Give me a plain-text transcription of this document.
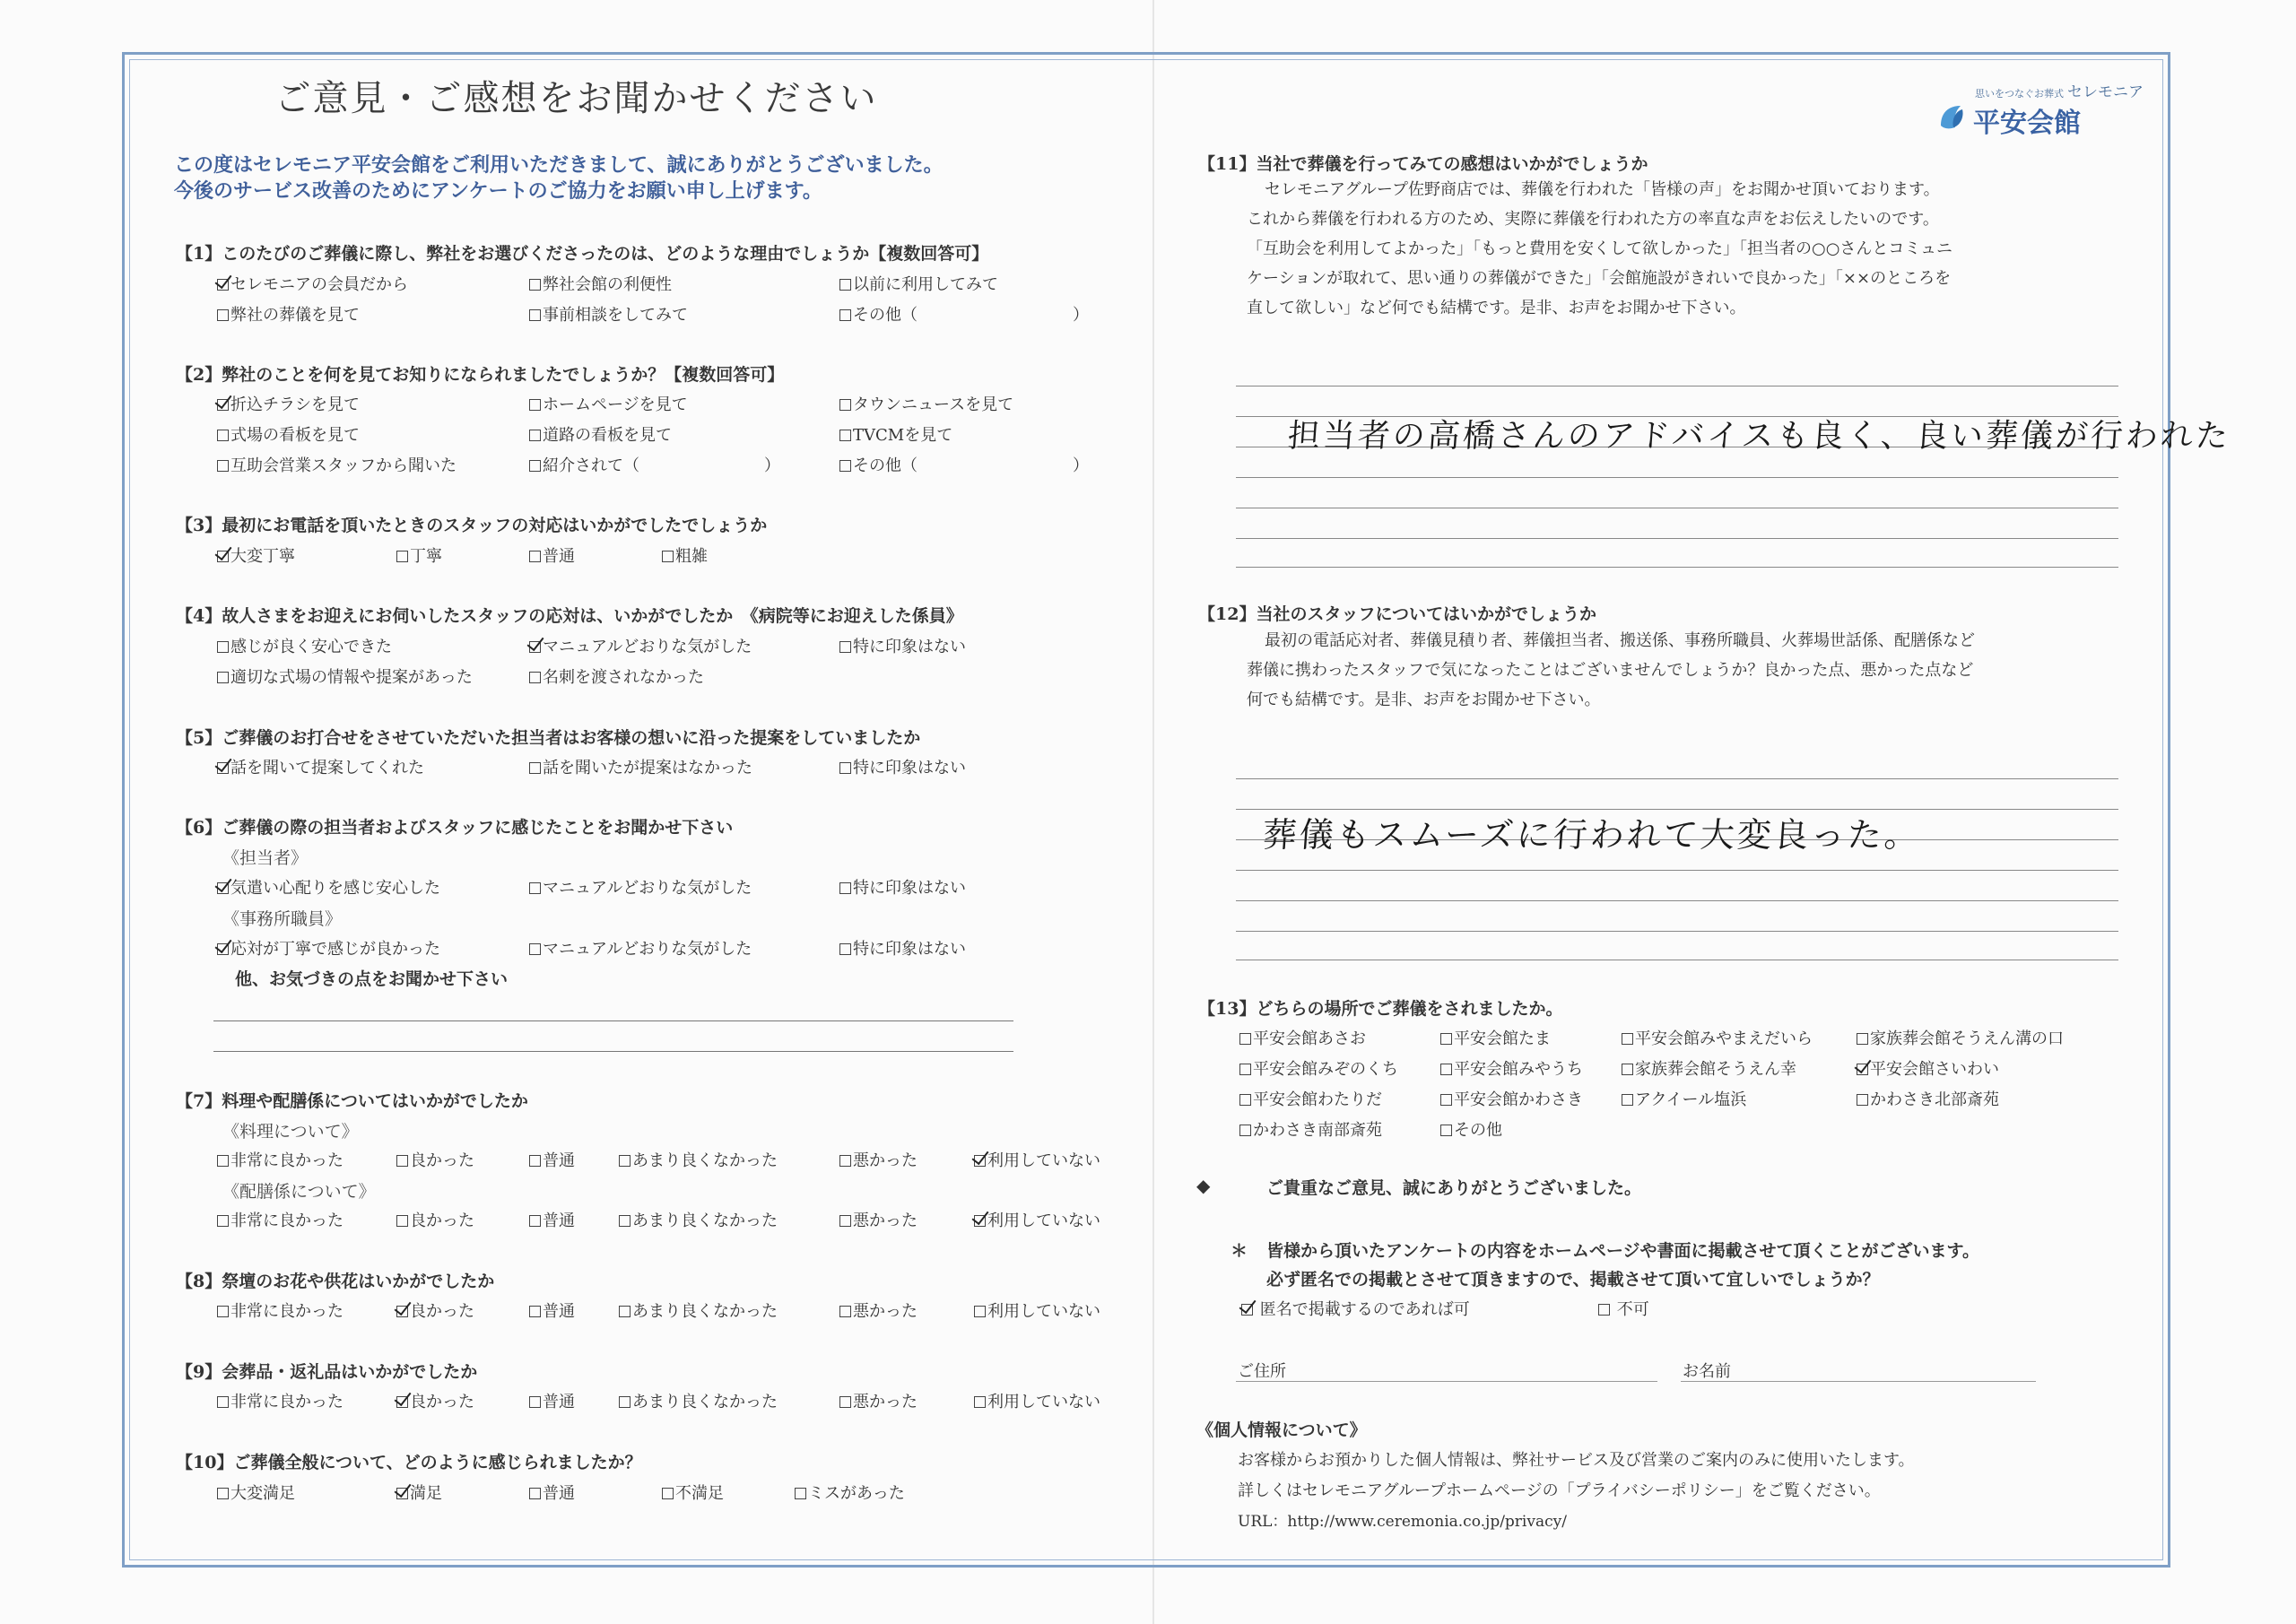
ご意見・ご感想をお聞かせください
この度はセレモニア平安会館をご利用いただきまして、誠にありがとうございました。
今後のサービス改善のためにアンケートのご協力をお願い申し上げます。
【1】このたびのご葬儀に際し、弊社をお選びくださったのは、どのような理由でしょうか【複数回答可】
セレモニアの会員だから	弊社会館の利便性	以前に利用してみて
弊社の葬儀を見て	事前相談をしてみて	その他（	）
【2】弊社のことを何を見てお知りになられましたでしょうか？【複数回答可】
折込チラシを見て	ホームページを見て	タウンニュースを見て
式場の看板を見て	道路の看板を見て	TVCMを見て
互助会営業スタッフから聞いた	紹介されて（	）	その他（	）
【3】最初にお電話を頂いたときのスタッフの対応はいかがでしたでしょうか
大変丁寧	丁寧	普通	粗雑
【4】故人さまをお迎えにお伺いしたスタッフの応対は、いかがでしたか　《病院等にお迎えした係員》
感じが良く安心できた	マニュアルどおりな気がした	特に印象はない
適切な式場の情報や提案があった	名刺を渡されなかった
【5】ご葬儀のお打合せをさせていただいた担当者はお客様の想いに沿った提案をしていましたか
話を聞いて提案してくれた	話を聞いたが提案はなかった	特に印象はない
【6】ご葬儀の際の担当者およびスタッフに感じたことをお聞かせ下さい
《担当者》
気遣い心配りを感じ安心した	マニュアルどおりな気がした	特に印象はない
《事務所職員》
応対が丁寧で感じが良かった	マニュアルどおりな気がした	特に印象はない
他、お気づきの点をお聞かせ下さい
【7】料理や配膳係についてはいかがでしたか
《料理について》
非常に良かった	良かった	普通	あまり良くなかった	悪かった	利用していない
《配膳係について》
非常に良かった	良かった	普通	あまり良くなかった	悪かった	利用していない
【8】祭壇のお花や供花はいかがでしたか
非常に良かった	良かった	普通	あまり良くなかった	悪かった	利用していない
【9】会葬品・返礼品はいかがでしたか
非常に良かった	良かった	普通	あまり良くなかった	悪かった	利用していない
【10】ご葬儀全般について、どのように感じられましたか？
大変満足	満足	普通	不満足	ミスがあった
思いをつなぐお葬式 セレモニア
平安会館
【11】当社で葬儀を行ってみての感想はいかがでしょうか
セレモニアグループ佐野商店では、葬儀を行われた「皆様の声」をお聞かせ頂いております。
これから葬儀を行われる方のため、実際に葬儀を行われた方の率直な声をお伝えしたいのです。
「互助会を利用してよかった」「もっと費用を安くして欲しかった」「担当者の○○さんとコミュニ
ケーションが取れて、思い通りの葬儀ができた」「会館施設がきれいで良かった」「××のところを
直して欲しい」など何でも結構です。是非、お声をお聞かせ下さい。
担当者の高橋さんのアドバイスも良く、良い葬儀が行われた
【12】当社のスタッフについてはいかがでしょうか
最初の電話応対者、葬儀見積り者、葬儀担当者、搬送係、事務所職員、火葬場世話係、配膳係など
葬儀に携わったスタッフで気になったことはございませんでしょうか？良かった点、悪かった点など
何でも結構です。是非、お声をお聞かせ下さい。
葬儀もスムーズに行われて大変良った。
【13】どちらの場所でご葬儀をされましたか。
平安会館あさお	平安会館たま	平安会館みやまえだいら	家族葬会館そうえん溝の口
平安会館みぞのくち	平安会館みやうち	家族葬会館そうえん幸	平安会館さいわい
平安会館わたりだ	平安会館かわさき	アクイール塩浜	かわさき北部斎苑
かわさき南部斎苑	その他
◆	ご貴重なご意見、誠にありがとうございました。
＊ 皆様から頂いたアンケートの内容をホームページや書面に掲載させて頂くことがございます。
必ず匿名での掲載とさせて頂きますので、掲載させて頂いて宜しいでしょうか？
匿名で掲載するのであれば可	不可
ご住所	お名前
《個人情報について》
お客様からお預かりした個人情報は、弊社サービス及び営業のご案内のみに使用いたします。
詳しくはセレモニアグループホームページの「プライバシーポリシー」をご覧ください。
URL：http://www.ceremonia.co.jp/privacy/
